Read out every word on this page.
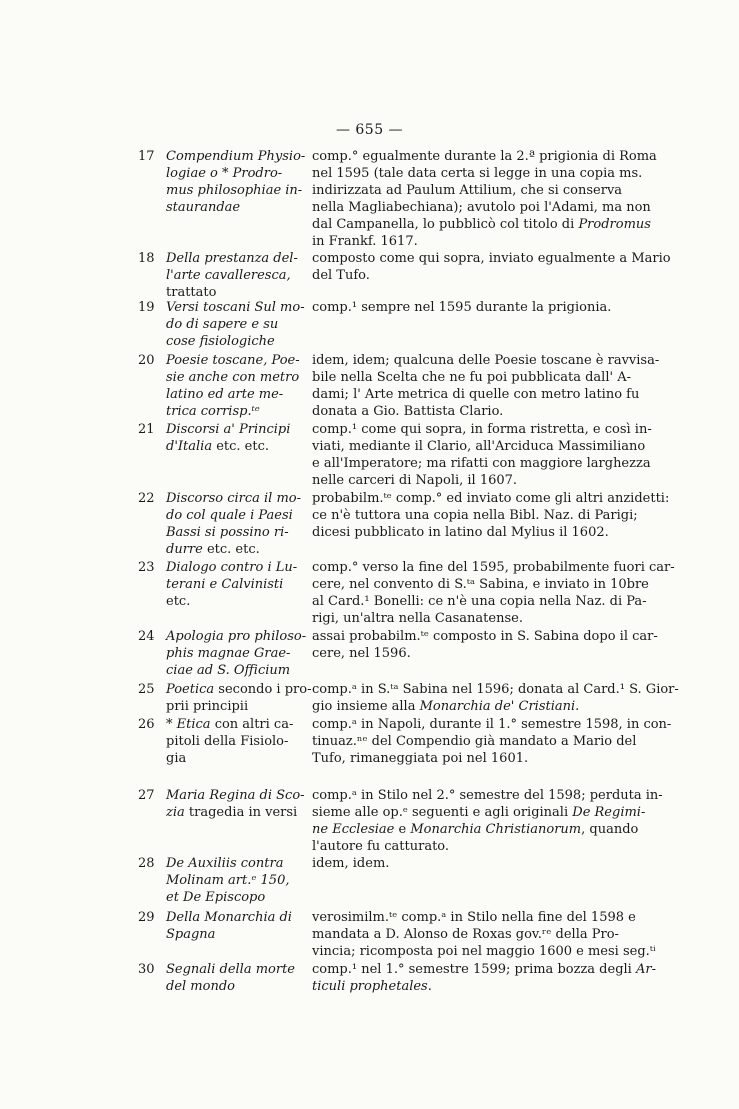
— 655 —
17 Compendium Physio-
logiae o * Prodro-
mus philosophiae in-
staurandae
comp.° egualmente durante la 2.ª prigionia di Roma
nel 1595 (tale data certa si legge in una copia ms.
indirizzata ad Paulum Attilium, che si conserva
nella Magliabechiana); avutolo poi l'Adami, ma non
dal Campanella, lo pubblicò col titolo di Prodromus
in Frankf. 1617.
18 Della prestanza del-
l'arte cavalleresca,
trattato
composto come qui sopra, inviato egualmente a Mario
del Tufo.
19 Versi toscani Sul mo-
do di sapere e su
cose fisiologiche
comp.¹ sempre nel 1595 durante la prigionia.
20 Poesie toscane, Poe-
sie anche con metro
latino ed arte me-
trica corrisp.ᵗᵉ
idem, idem; qualcuna delle Poesie toscane è ravvisa-
bile nella Scelta che ne fu poi pubblicata dall' A-
dami; l' Arte metrica di quelle con metro latino fu
donata a Gio. Battista Clario.
21 Discorsi a' Principi
d'Italia etc. etc.
comp.¹ come qui sopra, in forma ristretta, e così in-
viati, mediante il Clario, all'Arciduca Massimiliano
e all'Imperatore; ma rifatti con maggiore larghezza
nelle carceri di Napoli, il 1607.
22 Discorso circa il mo-
do col quale i Paesi
Bassi si possino ri-
durre etc. etc.
probabilm.ᵗᵉ comp.° ed inviato come gli altri anzidetti:
ce n'è tuttora una copia nella Bibl. Naz. di Parigi;
dicesi pubblicato in latino dal Mylius il 1602.
23 Dialogo contro i Lu-
terani e Calvinisti
etc.
comp.° verso la fine del 1595, probabilmente fuori car-
cere, nel convento di S.ᵗᵃ Sabina, e inviato in 10bre
al Card.¹ Bonelli: ce n'è una copia nella Naz. di Pa-
rigi, un'altra nella Casanatense.
24 Apologia pro philoso-
phis magnae Grae-
ciae ad S. Officium
assai probabilm.ᵗᵉ composto in S. Sabina dopo il car-
cere, nel 1596.
25 Poetica secondo i pro-
prii principii
comp.ᵃ in S.ᵗᵃ Sabina nel 1596; donata al Card.¹ S. Gior-
gio insieme alla Monarchia de' Cristiani.
26 * Etica con altri ca-
pitoli della Fisiolo-
gia
comp.ᵃ in Napoli, durante il 1.° semestre 1598, in con-
tinuaz.ⁿᵉ del Compendio già mandato a Mario del
Tufo, rimaneggiata poi nel 1601.
27 Maria Regina di Sco-
zia tragedia in versi
comp.ᵃ in Stilo nel 2.° semestre del 1598; perduta in-
sieme alle op.ᵉ seguenti e agli originali De Regimi-
ne Ecclesiae e Monarchia Christianorum, quando
l'autore fu catturato.
28 De Auxiliis contra
Molinam art.ᵉ 150,
et De Episcopo
idem, idem.
29 Della Monarchia di
Spagna
verosimilm.ᵗᵉ comp.ᵃ in Stilo nella fine del 1598 e
mandata a D. Alonso de Roxas gov.ʳᵉ della Pro-
vincia; ricomposta poi nel maggio 1600 e mesi seg.ᵗⁱ
30 Segnali della morte
del mondo
comp.¹ nel 1.° semestre 1599; prima bozza degli Ar-
ticuli prophetales.
